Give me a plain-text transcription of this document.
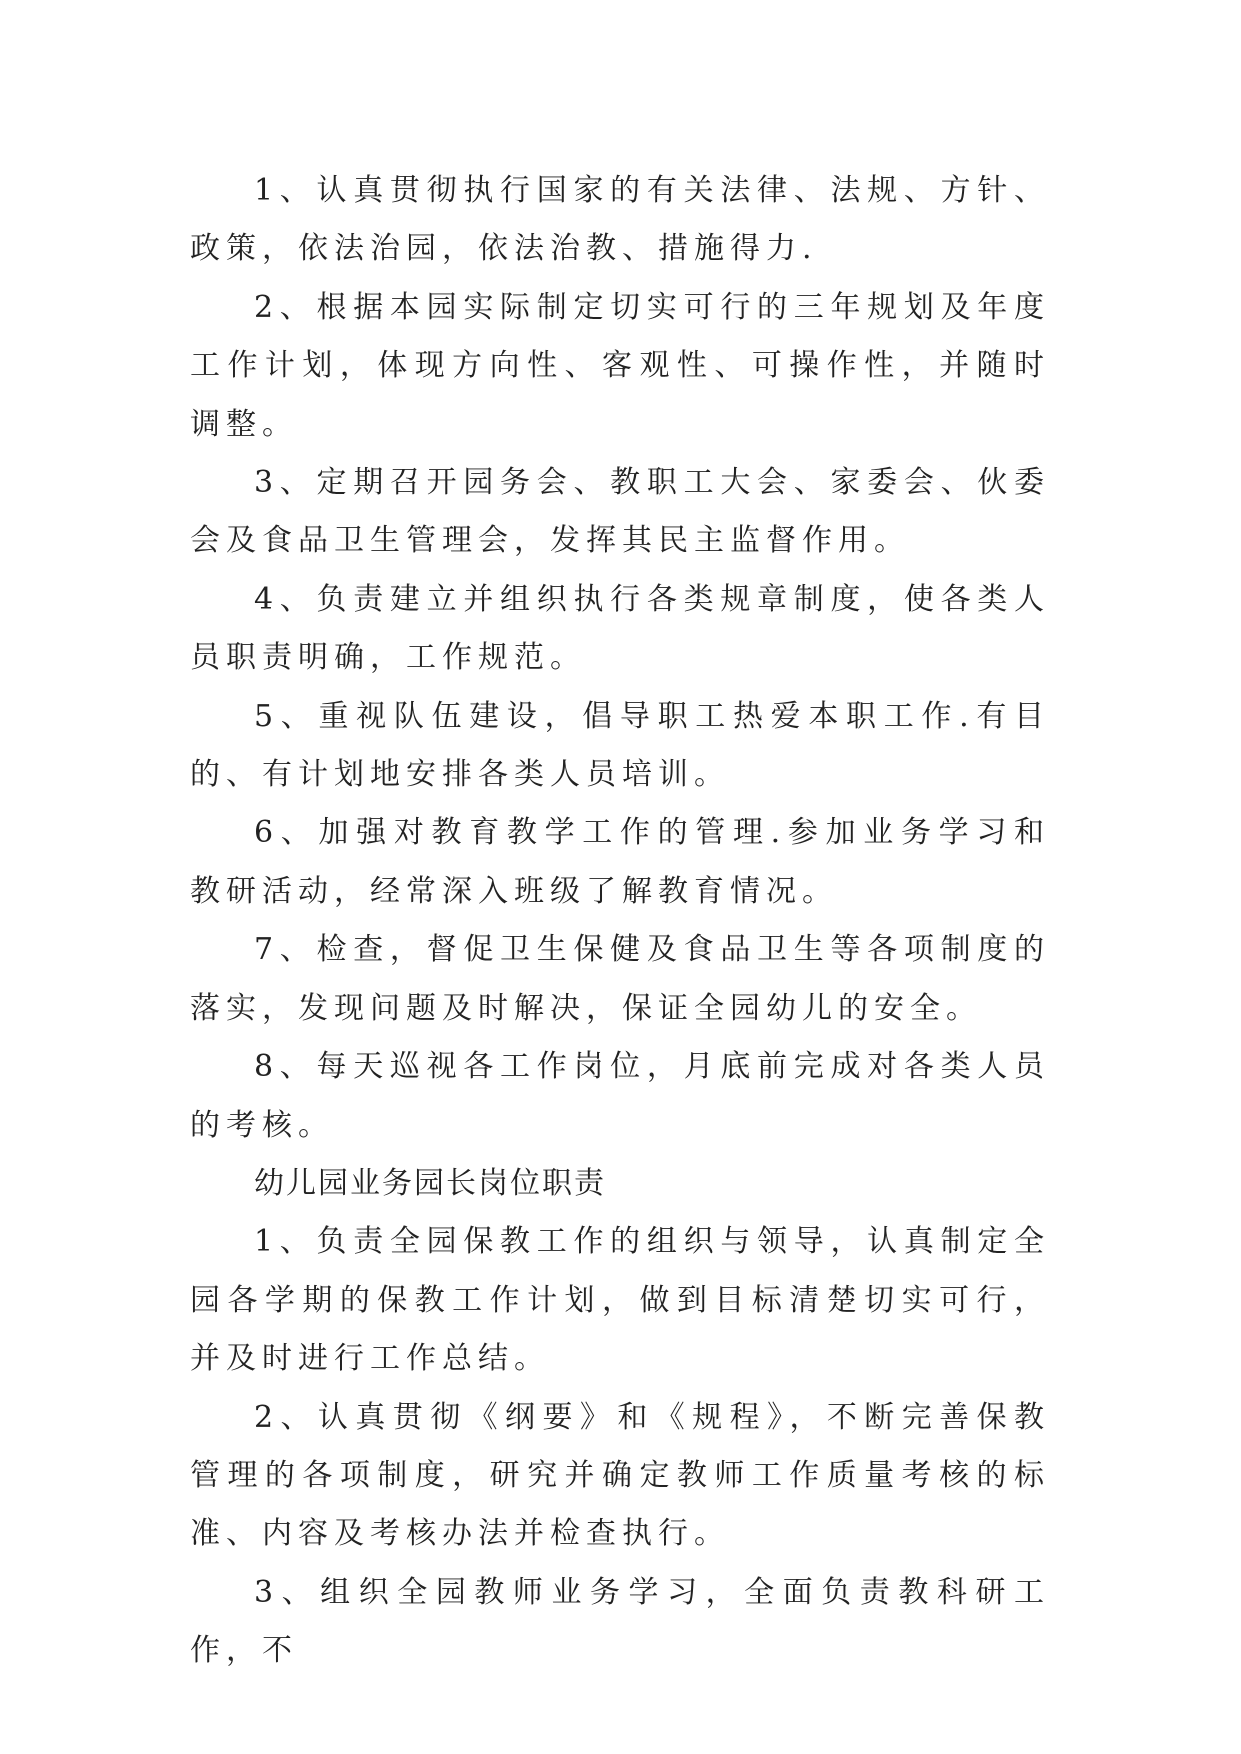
1、认真贯彻执行国家的有关法律、法规、方针、政策，依法治园，依法治教、措施得力.

2、根据本园实际制定切实可行的三年规划及年度工作计划，体现方向性、客观性、可操作性，并随时调整。

3、定期召开园务会、教职工大会、家委会、伙委会及食品卫生管理会，发挥其民主监督作用。

4、负责建立并组织执行各类规章制度，使各类人员职责明确，工作规范。

5、重视队伍建设，倡导职工热爱本职工作.有目的、有计划地安排各类人员培训。

6、加强对教育教学工作的管理.参加业务学习和教研活动，经常深入班级了解教育情况。

7、检查，督促卫生保健及食品卫生等各项制度的落实，发现问题及时解决，保证全园幼儿的安全。

8、每天巡视各工作岗位，月底前完成对各类人员的考核。

幼儿园业务园长岗位职责

1、负责全园保教工作的组织与领导，认真制定全园各学期的保教工作计划，做到目标清楚切实可行，并及时进行工作总结。

2、认真贯彻《纲要》和《规程》，不断完善保教管理的各项制度，研究并确定教师工作质量考核的标准、内容及考核办法并检查执行。

3、组织全园教师业务学习，全面负责教科研工作，不
